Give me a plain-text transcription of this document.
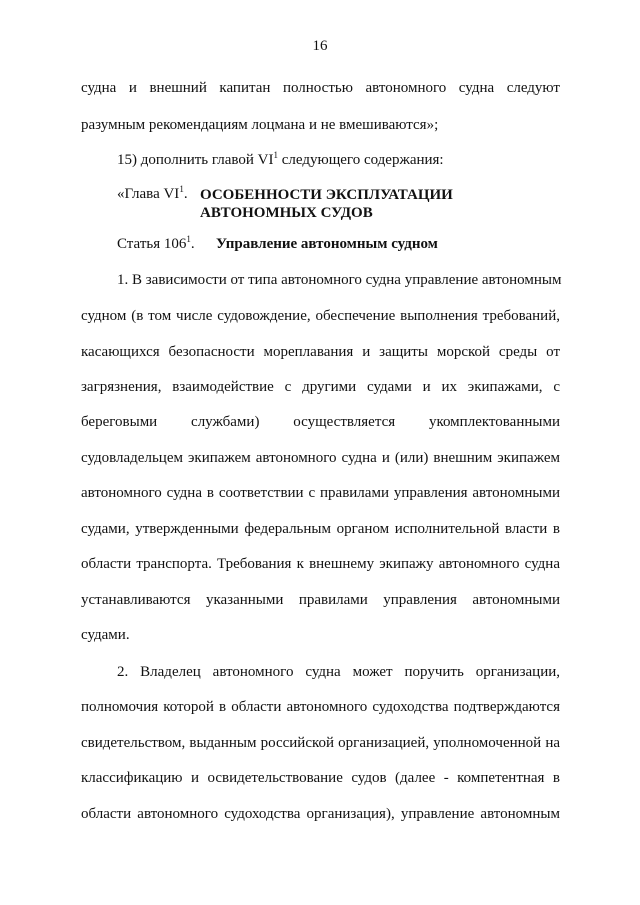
16
судна и внешний капитан полностью автономного судна следуют
разумным рекомендациям лоцмана и не вмешиваются»;
15) дополнить главой $VI^1$ следующего содержания:
«Глава $VI^1$. ОСОБЕННОСТИ ЭКСПЛУАТАЦИИ
АВТОНОМНЫХ СУДОВ
Статья $106^1$. Управление автономным судном
1. В зависимости от типа автономного судна управление автономным
судном (в том числе судовождение, обеспечение выполнения требований,
касающихся безопасности мореплавания и защиты морской среды от
загрязнения, взаимодействие с другими судами и их экипажами, с
береговыми службами) осуществляется укомплектованными
судовладельцем экипажем автономного судна и (или) внешним экипажем
автономного судна в соответствии с правилами управления автономными
судами, утвержденными федеральным органом исполнительной власти в
области транспорта. Требования к внешнему экипажу автономного судна
устанавливаются указанными правилами управления автономными
судами.
2. Владелец автономного судна может поручить организации,
полномочия которой в области автономного судоходства подтверждаются
свидетельством, выданным российской организацией, уполномоченной на
классификацию и освидетельствование судов (далее - компетентная в
области автономного судоходства организация), управление автономным
